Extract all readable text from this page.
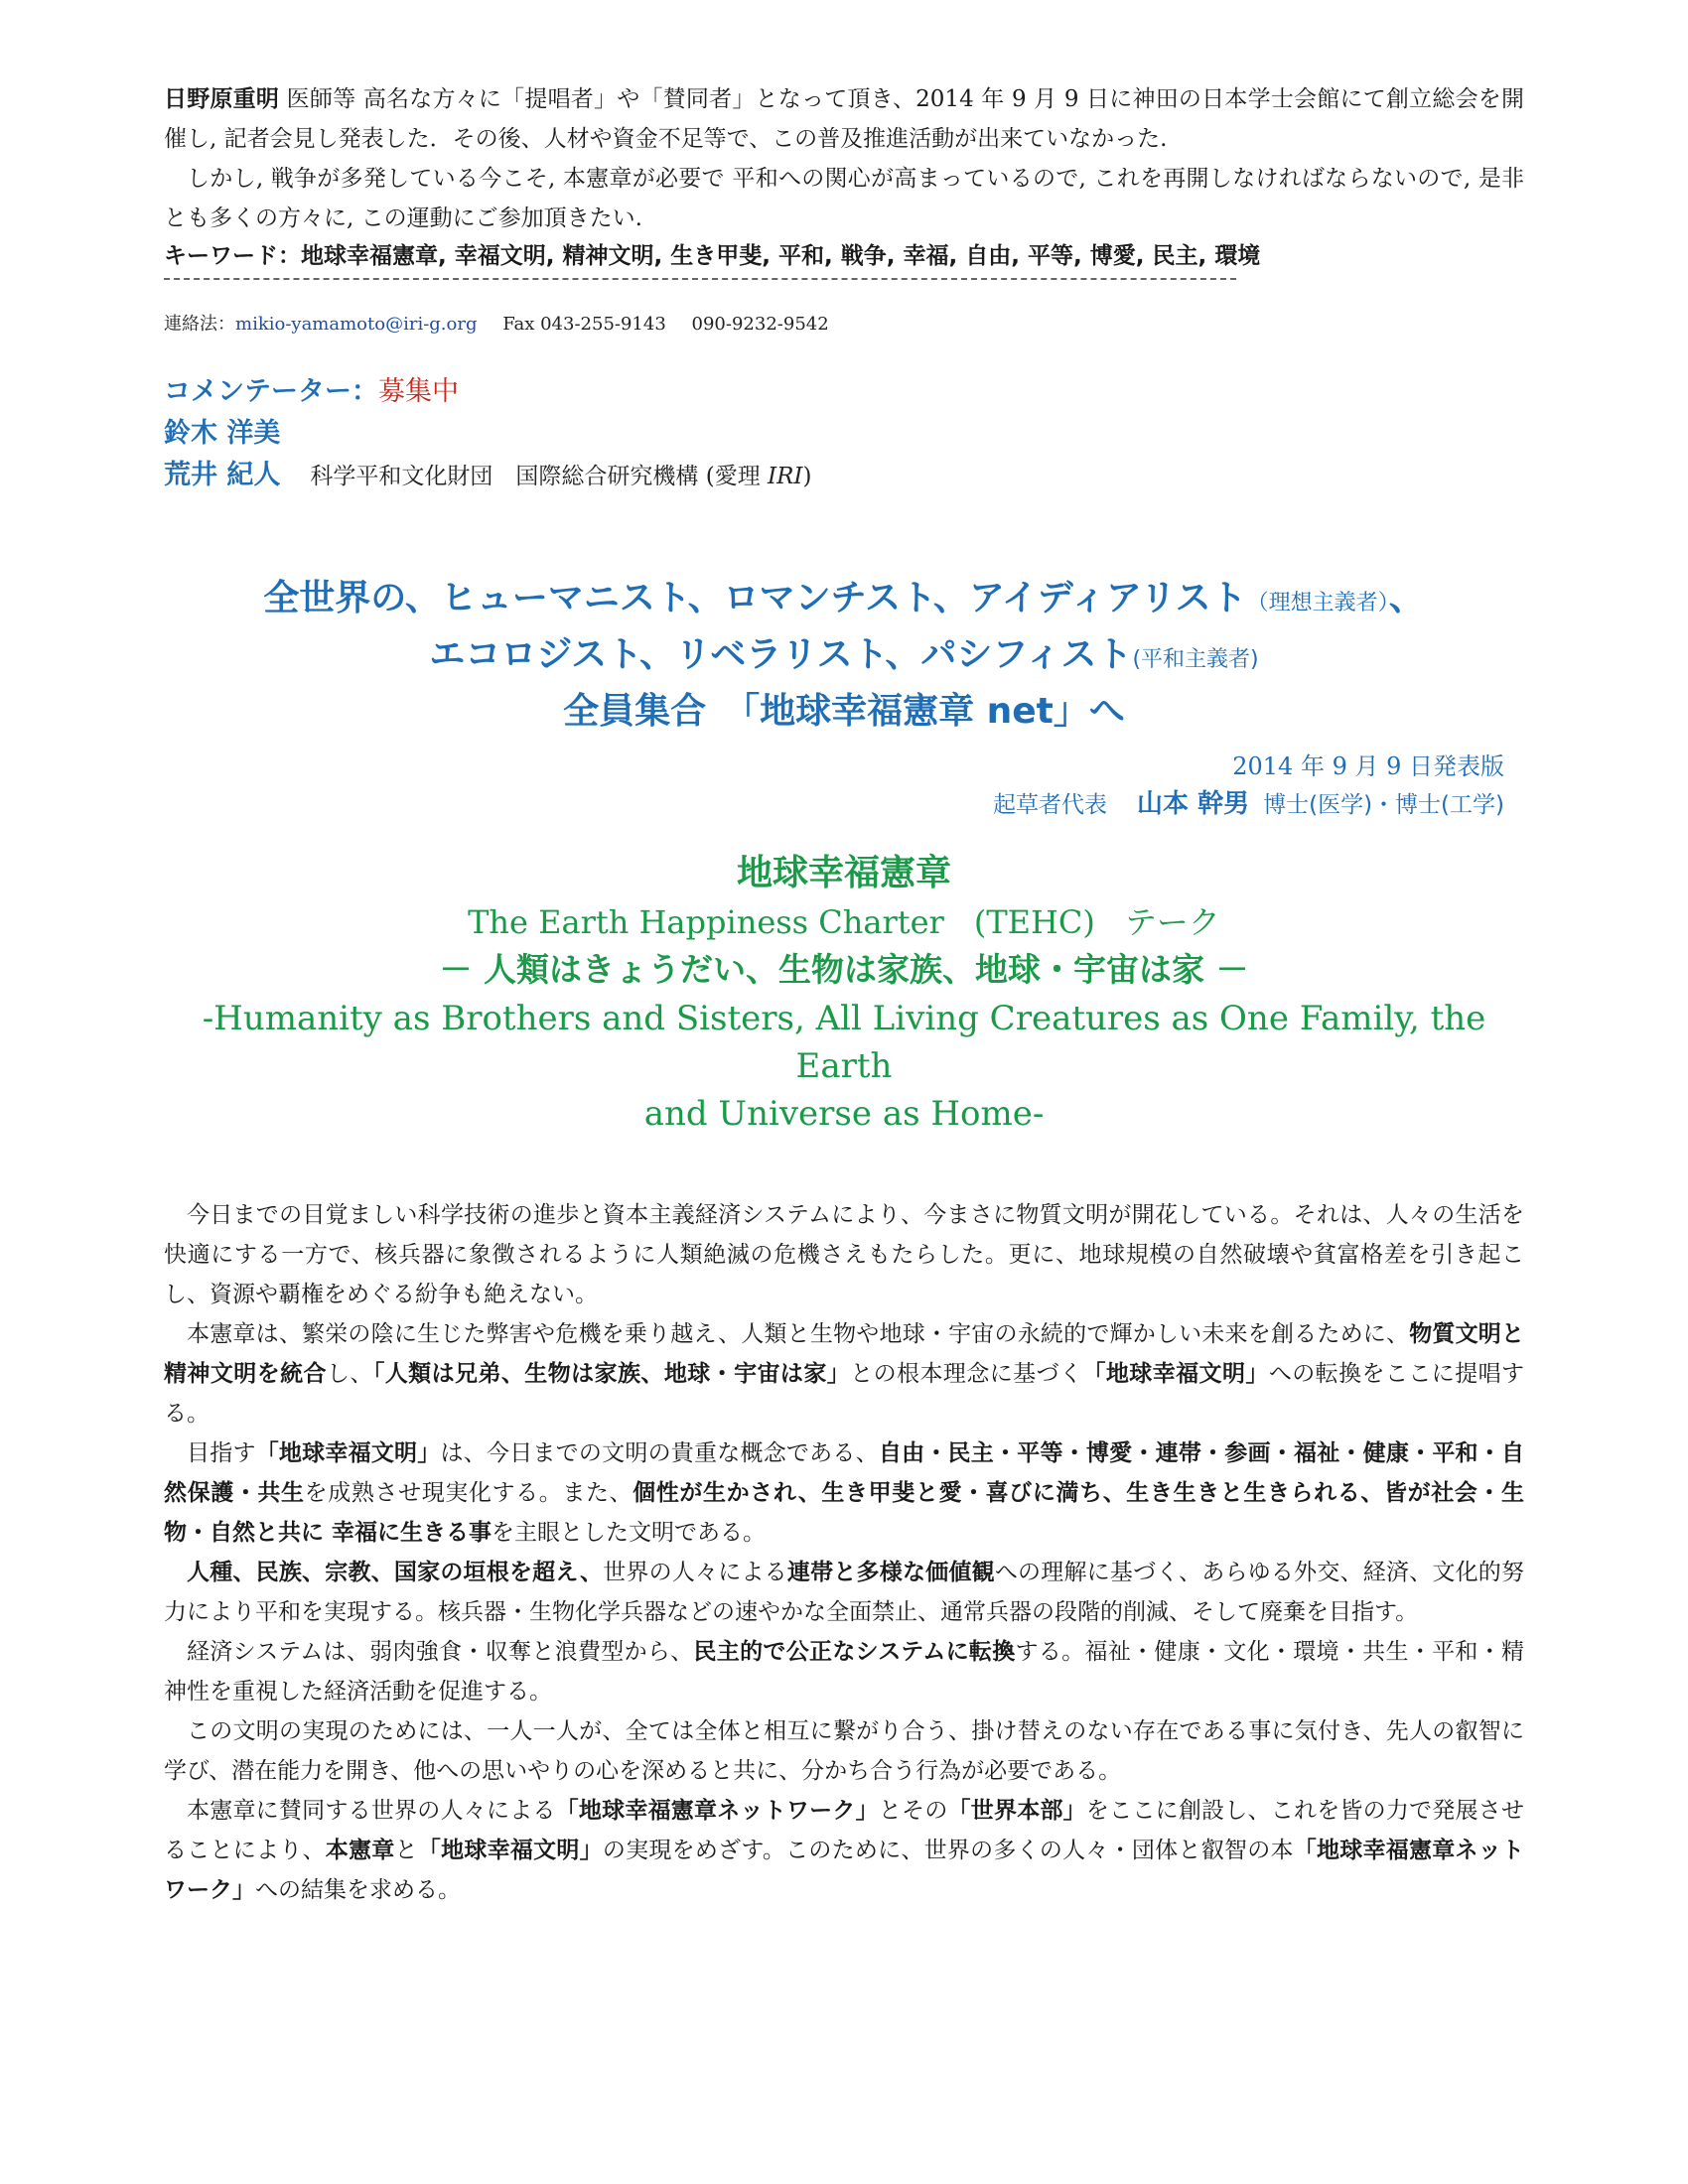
日野原重明 医師等 高名な方々に「提唱者」や「賛同者」となって頂き、2014 年 9 月 9 日に神田の日本学士会館にて創立総会を開催し, 記者会見し発表した．その後、人材や資金不足等で、この普及推進活動が出来ていなかった.

しかし, 戦争が多発している今こそ, 本憲章が必要で 平和への関心が高まっているので, これを再開しなければならないので, 是非とも多くの方々に, この運動にご参加頂きたい.

キーワード：地球幸福憲章, 幸福文明, 精神文明, 生き甲斐, 平和, 戦争, 幸福, 自由, 平等, 博愛, 民主, 環境

連絡法：mikio-yamamoto@iri-g.org Fax 043-255-9143 090-9232-9542
コメンテーター：募集中
鈴木 洋美
荒井 紀人 科学平和文化財団　国際総合研究機構 (愛理 IRI)
全世界の、ヒューマニスト、ロマンチスト、アイディアリスト（理想主義者）、
エコロジスト、リベラリスト、パシフィスト(平和主義者)
全員集合　「地球幸福憲章 net」へ
2014 年 9 月 9 日発表版
起草者代表 山本 幹男 博士(医学)・博士(工学)
地球幸福憲章
The Earth Happiness Charter (TEHC) テーク
－ 人類はきょうだい、生物は家族、地球・宇宙は家 －
-Humanity as Brothers and Sisters, All Living Creatures as One Family, the Earth
and Universe as Home-

今日までの目覚ましい科学技術の進歩と資本主義経済システムにより、今まさに物質文明が開花している。それは、人々の生活を快適にする一方で、核兵器に象徴されるように人類絶滅の危機さえもたらした。更に、地球規模の自然破壊や貧富格差を引き起こし、資源や覇権をめぐる紛争も絶えない。

本憲章は、繁栄の陰に生じた弊害や危機を乗り越え、人類と生物や地球・宇宙の永続的で輝かしい未来を創るために、物質文明と精神文明を統合し、「人類は兄弟、生物は家族、地球・宇宙は家」との根本理念に基づく「地球幸福文明」への転換をここに提唱する。

目指す「地球幸福文明」は、今日までの文明の貴重な概念である、自由・民主・平等・博愛・連帯・参画・福祉・健康・平和・自然保護・共生を成熟させ現実化する。また、個性が生かされ、生き甲斐と愛・喜びに満ち、生き生きと生きられる、皆が社会・生物・自然と共に 幸福に生きる事を主眼とした文明である。

人種、民族、宗教、国家の垣根を超え、世界の人々による連帯と多様な価値観への理解に基づく、あらゆる外交、経済、文化的努力により平和を実現する。核兵器・生物化学兵器などの速やかな全面禁止、通常兵器の段階的削減、そして廃棄を目指す。

経済システムは、弱肉強食・収奪と浪費型から、民主的で公正なシステムに転換する。福祉・健康・文化・環境・共生・平和・精神性を重視した経済活動を促進する。

この文明の実現のためには、一人一人が、全ては全体と相互に繋がり合う、掛け替えのない存在である事に気付き、先人の叡智に学び、潜在能力を開き、他への思いやりの心を深めると共に、分かち合う行為が必要である。

本憲章に賛同する世界の人々による「地球幸福憲章ネットワーク」とその「世界本部」をここに創設し、これを皆の力で発展させることにより、本憲章と「地球幸福文明」の実現をめざす。このために、世界の多くの人々・団体と叡智の本「地球幸福憲章ネットワーク」への結集を求める。
